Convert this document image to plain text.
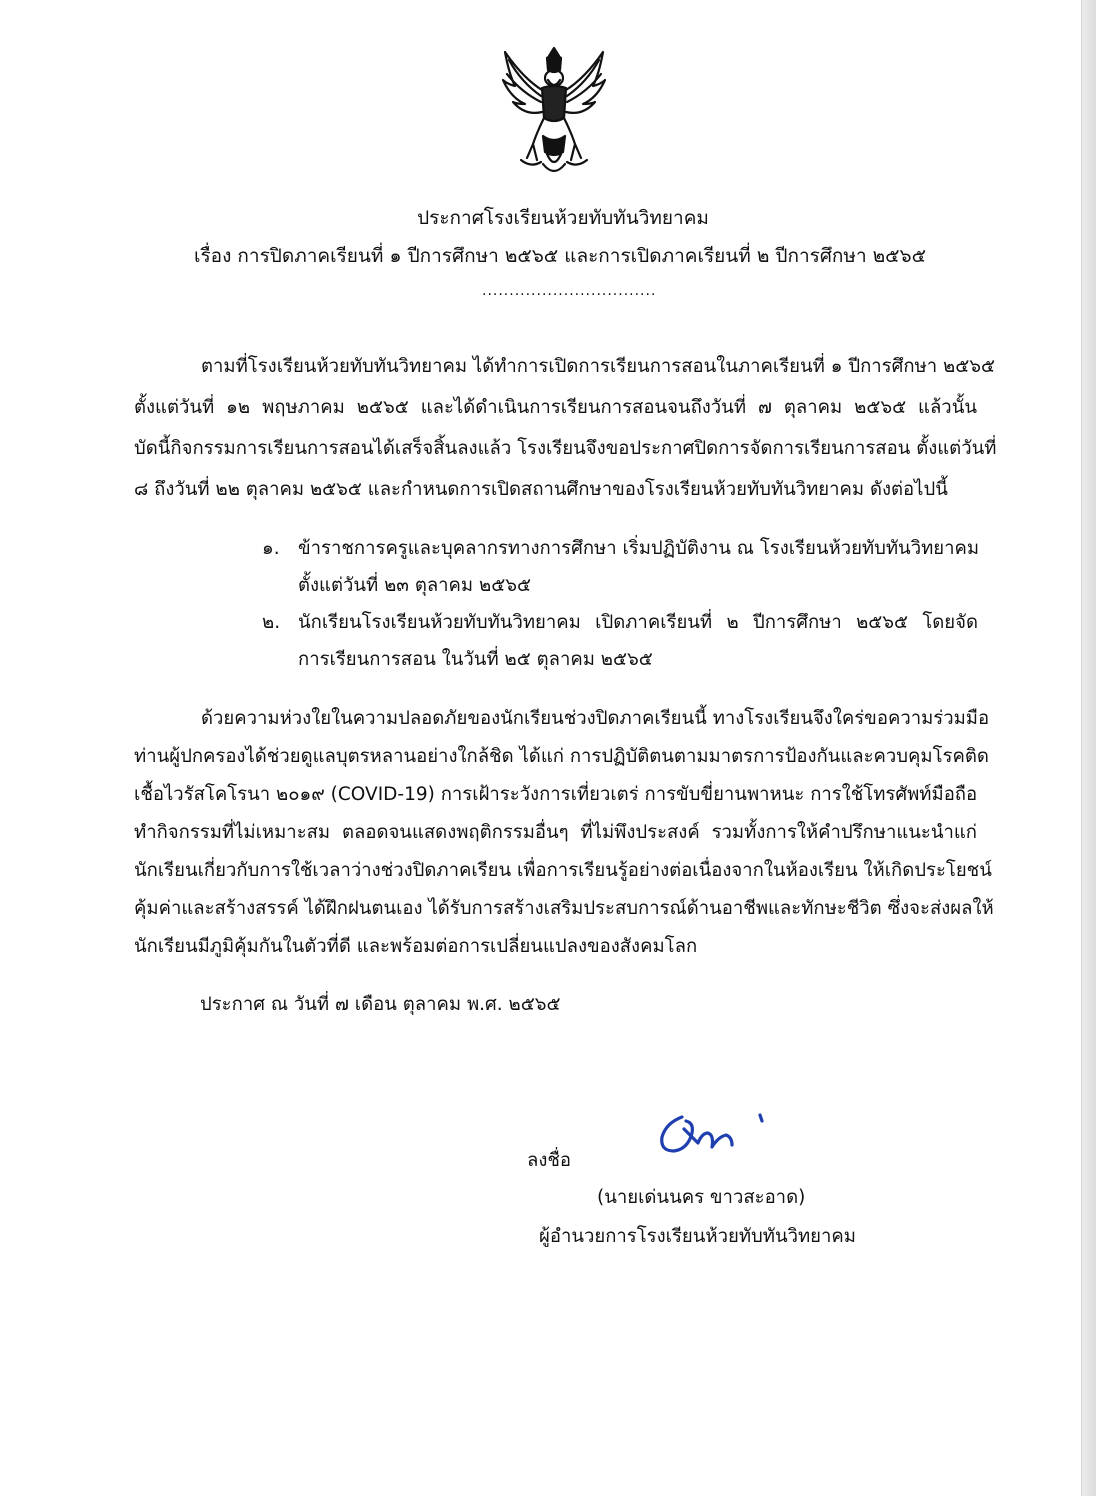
ประกาศโรงเรียนห้วยทับทันวิทยาคม
เรื่อง การปิดภาคเรียนที่ ๑ ปีการศึกษา ๒๕๖๕ และการเปิดภาคเรียนที่ ๒ ปีการศึกษา ๒๕๖๕
................................
ตามที่โรงเรียนห้วยทับทันวิทยาคม ได้ทำการเปิดการเรียนการสอนในภาคเรียนที่ ๑ ปีการศึกษา ๒๕๖๕
ตั้งแต่วันที่ ๑๒ พฤษภาคม ๒๕๖๕ และได้ดำเนินการเรียนการสอนจนถึงวันที่ ๗ ตุลาคม ๒๕๖๕ แล้วนั้น
บัดนี้กิจกรรมการเรียนการสอนได้เสร็จสิ้นลงแล้ว โรงเรียนจึงขอประกาศปิดการจัดการเรียนการสอน ตั้งแต่วันที่
๘ ถึงวันที่ ๒๒ ตุลาคม ๒๕๖๕ และกำหนดการเปิดสถานศึกษาของโรงเรียนห้วยทับทันวิทยาคม ดังต่อไปนี้
๑. ข้าราชการครูและบุคลากรทางการศึกษา เริ่มปฏิบัติงาน ณ โรงเรียนห้วยทับทันวิทยาคม
ตั้งแต่วันที่ ๒๓ ตุลาคม ๒๕๖๕
๒. นักเรียนโรงเรียนห้วยทับทันวิทยาคม เปิดภาคเรียนที่ ๒ ปีการศึกษา ๒๕๖๕ โดยจัด
การเรียนการสอน ในวันที่ ๒๕ ตุลาคม ๒๕๖๕
ด้วยความห่วงใยในความปลอดภัยของนักเรียนช่วงปิดภาคเรียนนี้ ทางโรงเรียนจึงใคร่ขอความร่วมมือ
ท่านผู้ปกครองได้ช่วยดูแลบุตรหลานอย่างใกล้ชิด ได้แก่ การปฏิบัติตนตามมาตรการป้องกันและควบคุมโรคติด
เชื้อไวรัสโคโรนา ๒๐๑๙ (COVID-19) การเฝ้าระวังการเที่ยวเตร่ การขับขี่ยานพาหนะ การใช้โทรศัพท์มือถือ
ทำกิจกรรมที่ไม่เหมาะสม ตลอดจนแสดงพฤติกรรมอื่นๆ ที่ไม่พึงประสงค์ รวมทั้งการให้คำปรึกษาแนะนำแก่
นักเรียนเกี่ยวกับการใช้เวลาว่างช่วงปิดภาคเรียน เพื่อการเรียนรู้อย่างต่อเนื่องจากในห้องเรียน ให้เกิดประโยชน์
คุ้มค่าและสร้างสรรค์ ได้ฝึกฝนตนเอง ได้รับการสร้างเสริมประสบการณ์ด้านอาชีพและทักษะชีวิต ซึ่งจะส่งผลให้
นักเรียนมีภูมิคุ้มกันในตัวที่ดี และพร้อมต่อการเปลี่ยนแปลงของสังคมโลก
ประกาศ ณ วันที่ ๗ เดือน ตุลาคม พ.ศ. ๒๕๖๕
ลงชื่อ
(นายเด่นนคร ขาวสะอาด)
ผู้อำนวยการโรงเรียนห้วยทับทันวิทยาคม
